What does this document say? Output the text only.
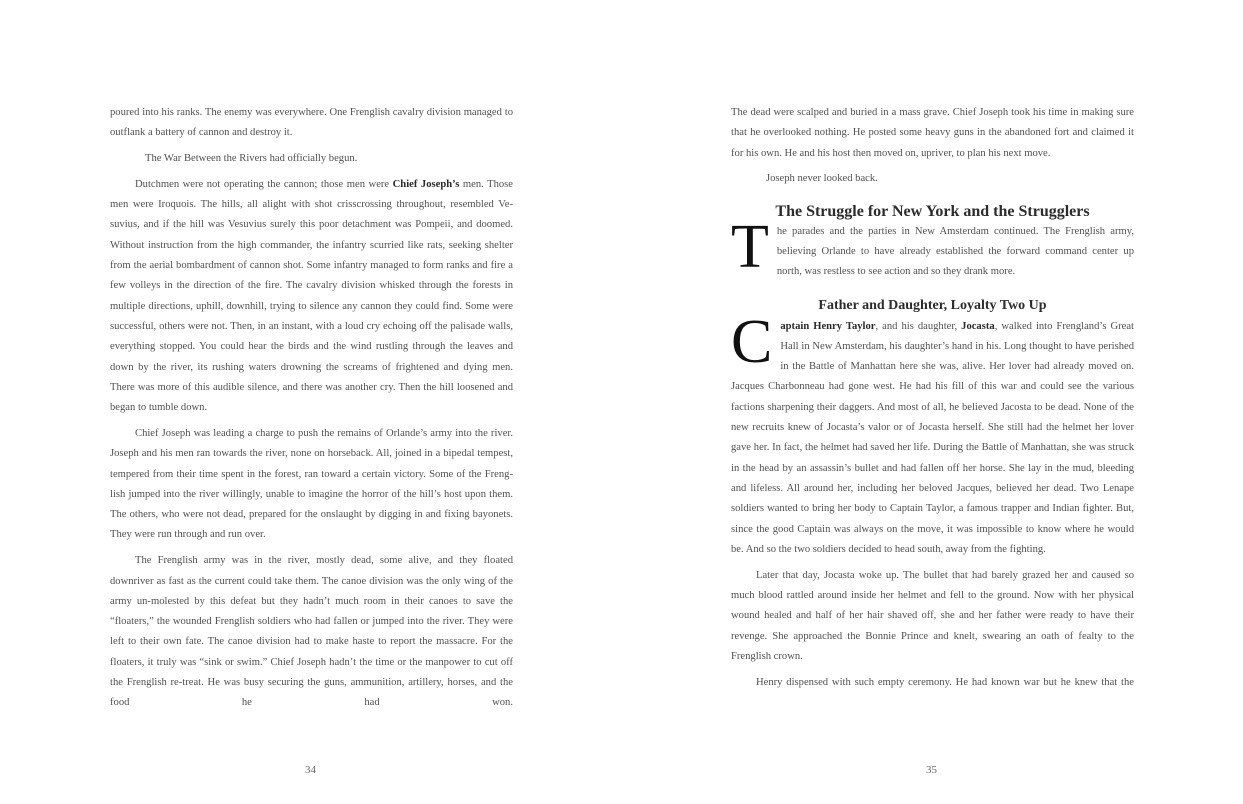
poured into his ranks. The enemy was everywhere. One Frenglish cavalry division managed to outflank a battery of cannon and destroy it.

The War Between the Rivers had officially begun.

Dutchmen were not operating the cannon; those men were Chief Joseph’s men. Those men were Iroquois. The hills, all alight with shot crisscrossing throughout, resembled Ve-suvius, and if the hill was Vesuvius surely this poor detachment was Pompeii, and doomed. Without instruction from the high commander, the infantry scurried like rats, seeking shelter from the aerial bombardment of cannon shot. Some infantry managed to form ranks and fire a few volleys in the direction of the fire. The cavalry division whisked through the forests in multiple directions, uphill, downhill, trying to silence any cannon they could find. Some were successful, others were not. Then, in an instant, with a loud cry echoing off the palisade walls, everything stopped. You could hear the birds and the wind rustling through the leaves and down by the river, its rushing waters drowning the screams of frightened and dying men. There was more of this audible silence, and there was another cry. Then the hill loosened and began to tumble down.

Chief Joseph was leading a charge to push the remains of Orlande’s army into the river. Joseph and his men ran towards the river, none on horseback. All, joined in a bipedal tempest, tempered from their time spent in the forest, ran toward a certain victory. Some of the Freng-lish jumped into the river willingly, unable to imagine the horror of the hill’s host upon them. The others, who were not dead, prepared for the onslaught by digging in and fixing bayonets. They were run through and run over.

The Frenglish army was in the river, mostly dead, some alive, and they floated downriver as fast as the current could take them. The canoe division was the only wing of the army un-molested by this defeat but they hadn’t much room in their canoes to save the “floaters,” the wounded Frenglish soldiers who had fallen or jumped into the river. They were left to their own fate. The canoe division had to make haste to report the massacre. For the floaters, it truly was “sink or swim.” Chief Joseph hadn’t the time or the manpower to cut off the Frenglish re-treat. He was busy securing the guns, ammunition, artillery, horses, and the food he had won.

34

The dead were scalped and buried in a mass grave. Chief Joseph took his time in making sure that he overlooked nothing. He posted some heavy guns in the abandoned fort and claimed it for his own. He and his host then moved on, upriver, to plan his next move.

Joseph never looked back.

The Struggle for New York and the Strugglers
T he parades and the parties in New Amsterdam continued. The Frenglish army, believing Orlande to have already established the forward command center up north, was restless to see action and so they drank more.

Father and Daughter, Loyalty Two Up
C aptain Henry Taylor, and his daughter, Jocasta, walked into Frengland’s Great Hall in New Amsterdam, his daughter’s hand in his. Long thought to have perished in the Battle of Manhattan here she was, alive. Her lover had already moved on. Jacques Charbonneau had gone west. He had his fill of this war and could see the various factions sharpening their daggers. And most of all, he believed Jacosta to be dead. None of the new recruits knew of Jocasta’s valor or of Jocasta herself. She still had the helmet her lover gave her. In fact, the helmet had saved her life. During the Battle of Manhattan, she was struck in the head by an assassin’s bullet and had fallen off her horse. She lay in the mud, bleeding and lifeless. All around her, including her beloved Jacques, believed her dead. Two Lenape soldiers wanted to bring her body to Captain Taylor, a famous trapper and Indian fighter. But, since the good Captain was always on the move, it was impossible to know where he would be. And so the two soldiers decided to head south, away from the fighting.

Later that day, Jocasta woke up. The bullet that had barely grazed her and caused so much blood rattled around inside her helmet and fell to the ground. Now with her physical wound healed and half of her hair shaved off, she and her father were ready to have their revenge. She approached the Bonnie Prince and knelt, swearing an oath of fealty to the Frenglish crown.

Henry dispensed with such empty ceremony. He had known war but he knew that the

35
